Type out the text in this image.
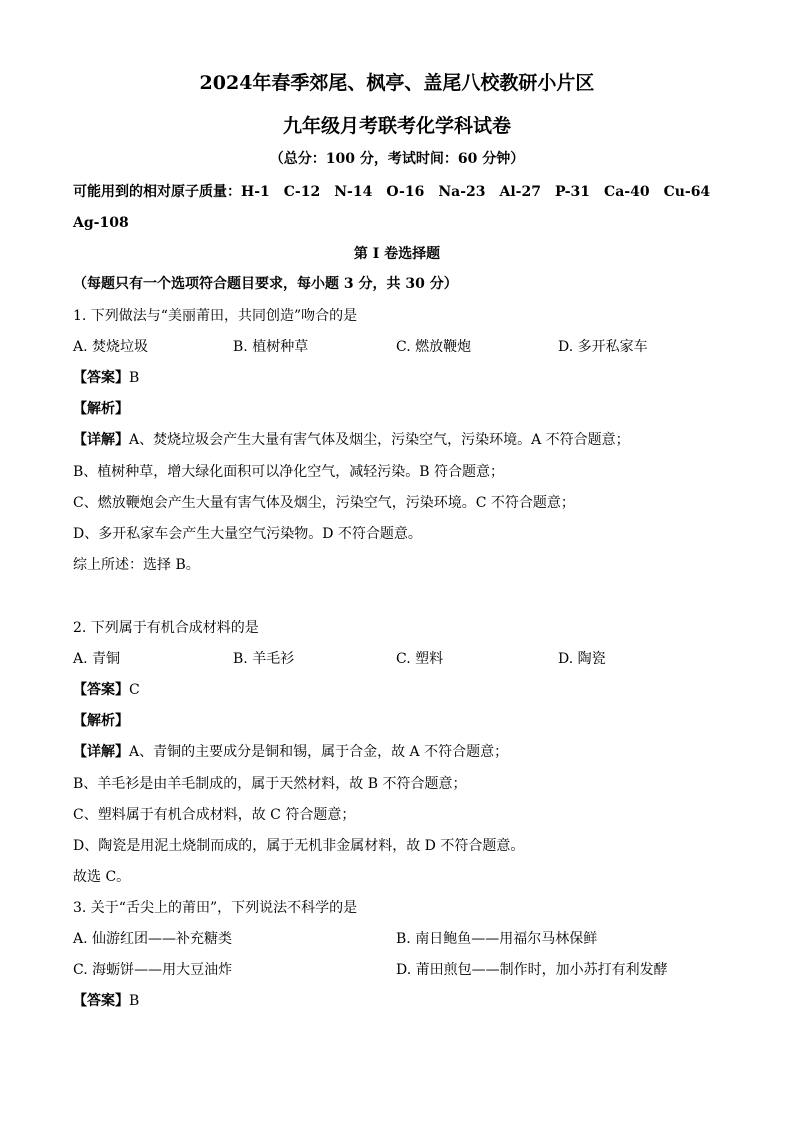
2024年春季郊尾、枫亭、盖尾八校教研小片区
九年级月考联考化学科试卷
（总分：100 分，考试时间：60 分钟）
可能用到的相对原子质量：H-1 C-12 N-14 O-16 Na-23 Al-27 P-31 Ca-40 Cu-64
Ag-108
第 I 卷选择题
（每题只有一个选项符合题目要求，每小题 3 分，共 30 分）
1. 下列做法与“美丽莆田，共同创造”吻合的是
A. 焚烧垃圾	B. 植树种草	C. 燃放鞭炮	D. 多开私家车
【答案】B
【解析】
【详解】A、焚烧垃圾会产生大量有害气体及烟尘，污染空气，污染环境。A 不符合题意；
B、植树种草，增大绿化面积可以净化空气，减轻污染。B 符合题意；
C、燃放鞭炮会产生大量有害气体及烟尘，污染空气，污染环境。C 不符合题意；
D、多开私家车会产生大量空气污染物。D 不符合题意。
综上所述：选择 B。
2. 下列属于有机合成材料的是
A. 青铜	B. 羊毛衫	C. 塑料	D. 陶瓷
【答案】C
【解析】
【详解】A、青铜的主要成分是铜和锡，属于合金，故 A 不符合题意；
B、羊毛衫是由羊毛制成的，属于天然材料，故 B 不符合题意；
C、塑料属于有机合成材料，故 C 符合题意；
D、陶瓷是用泥土烧制而成的，属于无机非金属材料，故 D 不符合题意。
故选 C。
3. 关于“舌尖上的莆田”，下列说法不科学的是
A. 仙游红团——补充糖类	B. 南日鲍鱼——用福尔马林保鲜
C. 海蛎饼——用大豆油炸	D. 莆田煎包——制作时，加小苏打有利发酵
【答案】B
